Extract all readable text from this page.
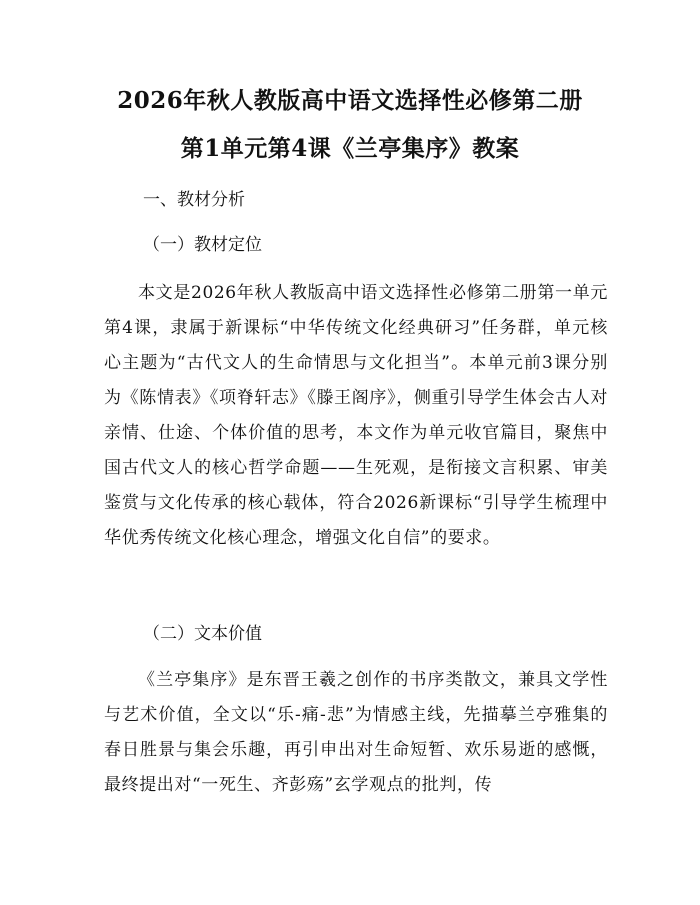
2026年秋人教版高中语文选择性必修第二册
第1单元第4课《兰亭集序》教案

一、教材分析

（一）教材定位

本文是2026年秋人教版高中语文选择性必修第二册第一单元第4课，隶属于新课标“中华传统文化经典研习”任务群，单元核心主题为“古代文人的生命情思与文化担当”。本单元前3课分别为《陈情表》《项脊轩志》《滕王阁序》，侧重引导学生体会古人对亲情、仕途、个体价值的思考，本文作为单元收官篇目，聚焦中国古代文人的核心哲学命题——生死观，是衔接文言积累、审美鉴赏与文化传承的核心载体，符合2026新课标“引导学生梳理中华优秀传统文化核心理念，增强文化自信”的要求。

（二）文本价值

《兰亭集序》是东晋王羲之创作的书序类散文，兼具文学性与艺术价值，全文以“乐-痛-悲”为情感主线，先描摹兰亭雅集的春日胜景与集会乐趣，再引申出对生命短暂、欢乐易逝的感慨，最终提出对“一死生、齐彭殇”玄学观点的批判，传
